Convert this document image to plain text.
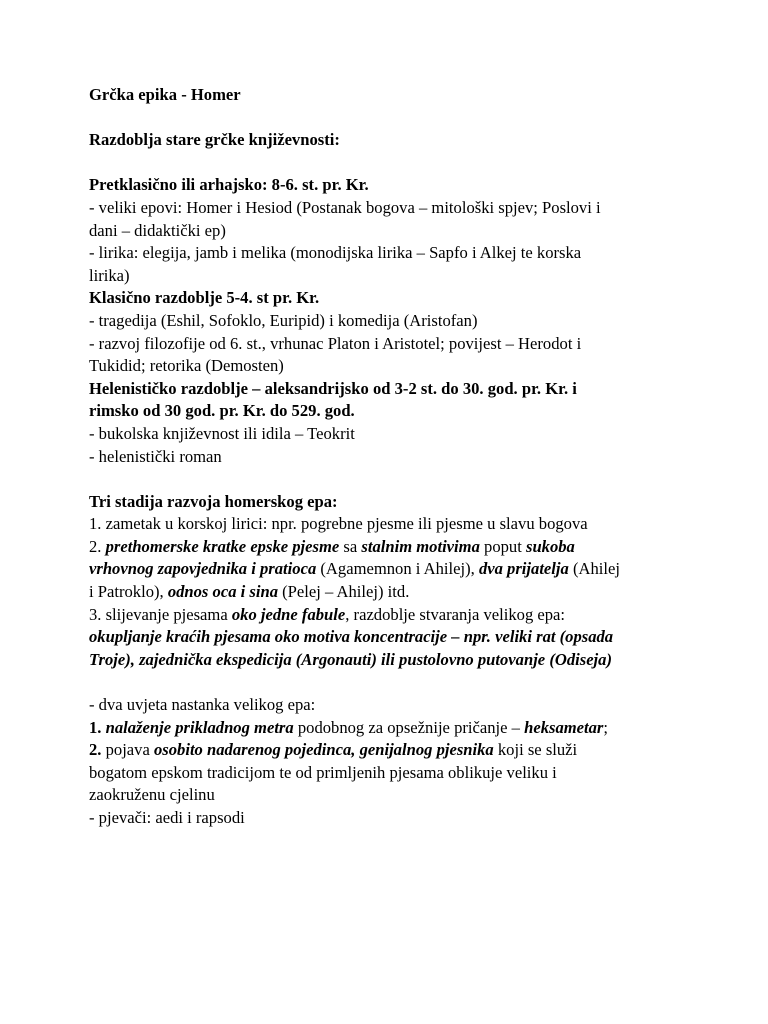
Grčka epika - Homer
Razdoblja stare grčke književnosti:
Pretklasično ili arhajsko: 8-6. st. pr. Kr.
- veliki epovi: Homer i Hesiod (Postanak bogova – mitološki spjev; Poslovi i
dani – didaktički ep)
- lirika: elegija, jamb i melika (monodijska lirika – Sapfo i Alkej te korska
lirika)
Klasično razdoblje 5-4. st pr. Kr.
- tragedija (Eshil, Sofoklo, Euripid) i komedija (Aristofan)
- razvoj filozofije od 6. st., vrhunac Platon i Aristotel; povijest – Herodot i
Tukidid; retorika (Demosten)
Helenističko razdoblje – aleksandrijsko od 3-2 st. do 30. god. pr. Kr. i
rimsko od 30 god. pr. Kr. do 529. god.
- bukolska književnost ili idila – Teokrit
- helenistički roman
Tri stadija razvoja homerskog epa:
1. zametak u korskoj lirici: npr. pogrebne pjesme ili pjesme u slavu bogova
2. prethomerske kratke epske pjesme sa stalnim motivima poput sukoba
vrhovnog zapovjednika i pratioca (Agamemnon i Ahilej), dva prijatelja (Ahilej
i Patroklo), odnos oca i sina (Pelej – Ahilej) itd.
3. slijevanje pjesama oko jedne fabule, razdoblje stvaranja velikog epa:
okupljanje kraćih pjesama oko motiva koncentracije – npr. veliki rat (opsada
Troje), zajednička ekspedicija (Argonauti) ili pustolovno putovanje (Odiseja)
- dva uvjeta nastanka velikog epa:
1. nalaženje prikladnog metra podobnog za opsežnije pričanje – heksametar;
2. pojava osobito nadarenog pojedinca, genijalnog pjesnika koji se služi
bogatom epskom tradicijom te od primljenih pjesama oblikuje veliku i
zaokruženu cjelinu
- pjevači: aedi i rapsodi
